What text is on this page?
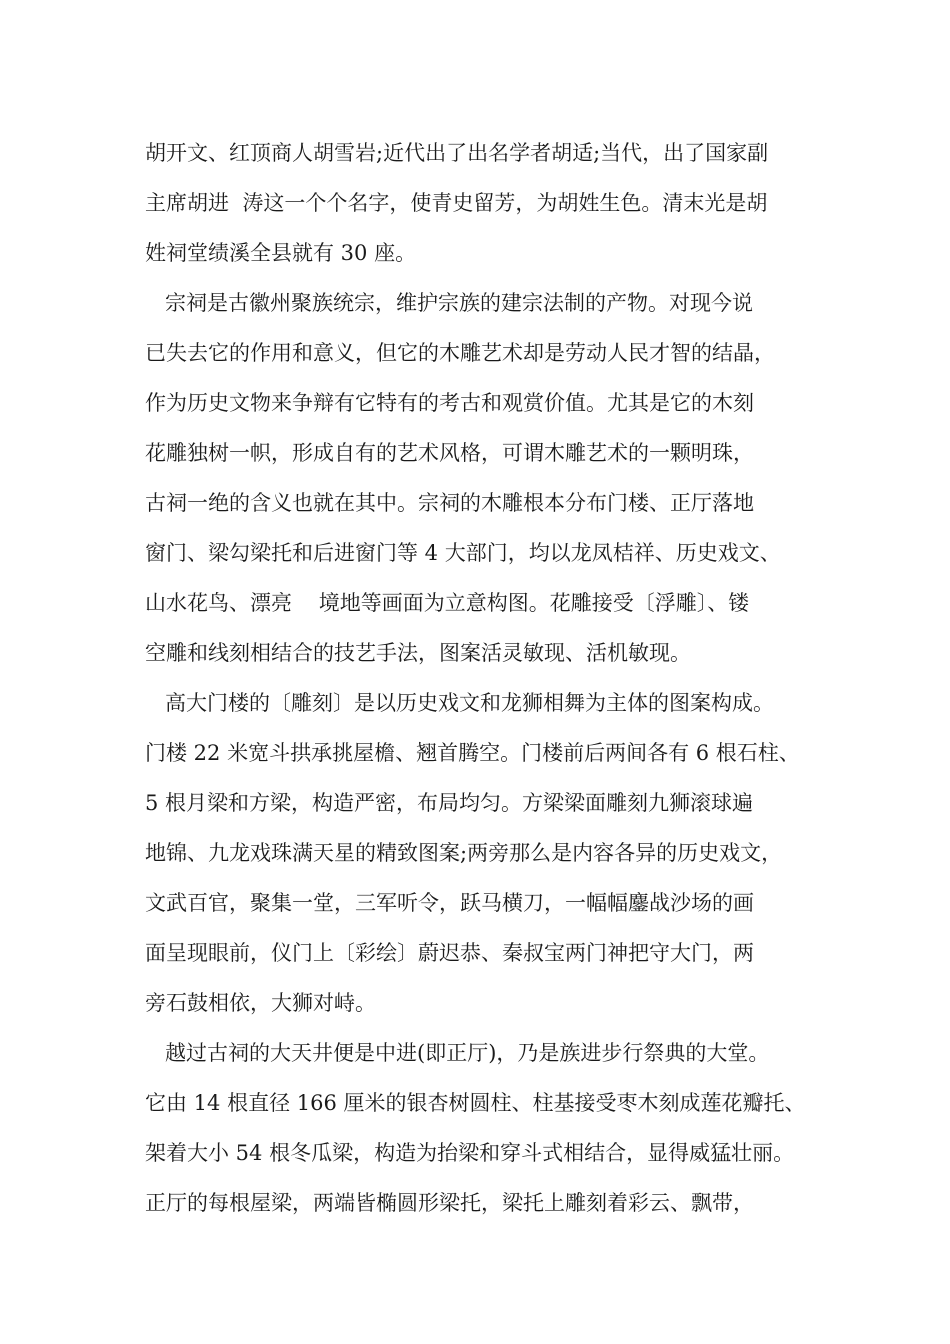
胡开文、红顶商人胡雪岩;近代出了出名学者胡适;当代，出了国家副
主席胡进  涛这一个个名字，使青史留芳，为胡姓生色。清末光是胡
姓祠堂绩溪全县就有 30 座。
宗祠是古徽州聚族统宗，维护宗族的建宗法制的产物。对现今说
已失去它的作用和意义，但它的木雕艺术却是劳动人民才智的结晶，
作为历史文物来争辩有它特有的考古和观赏价值。尤其是它的木刻
花雕独树一帜，形成自有的艺术风格，可谓木雕艺术的一颗明珠，
古祠一绝的含义也就在其中。宗祠的木雕根本分布门楼、正厅落地
窗门、梁勾梁托和后进窗门等 4 大部门，均以龙凤桔祥、历史戏文、
山水花鸟、漂亮    境地等画面为立意构图。花雕接受〔浮雕〕、镂
空雕和线刻相结合的技艺手法，图案活灵敏现、活机敏现。
高大门楼的〔雕刻〕是以历史戏文和龙狮相舞为主体的图案构成。
门楼 22 米宽斗拱承挑屋檐、翘首腾空。门楼前后两间各有 6 根石柱、
5 根月梁和方梁，构造严密，布局均匀。方梁梁面雕刻九狮滚球遍
地锦、九龙戏珠满天星的精致图案;两旁那么是内容各异的历史戏文，
文武百官，聚集一堂，三军听令，跃马横刀，一幅幅鏖战沙场的画
面呈现眼前，仪门上〔彩绘〕蔚迟恭、秦叔宝两门神把守大门，两
旁石鼓相依，大狮对峙。
越过古祠的大天井便是中进(即正厅)，乃是族进步行祭典的大堂。
它由 14 根直径 166 厘米的银杏树圆柱、柱基接受枣木刻成莲花瓣托、
架着大小 54 根冬瓜梁，构造为抬梁和穿斗式相结合，显得威猛壮丽。
正厅的每根屋梁，两端皆椭圆形梁托，梁托上雕刻着彩云、飘带，
